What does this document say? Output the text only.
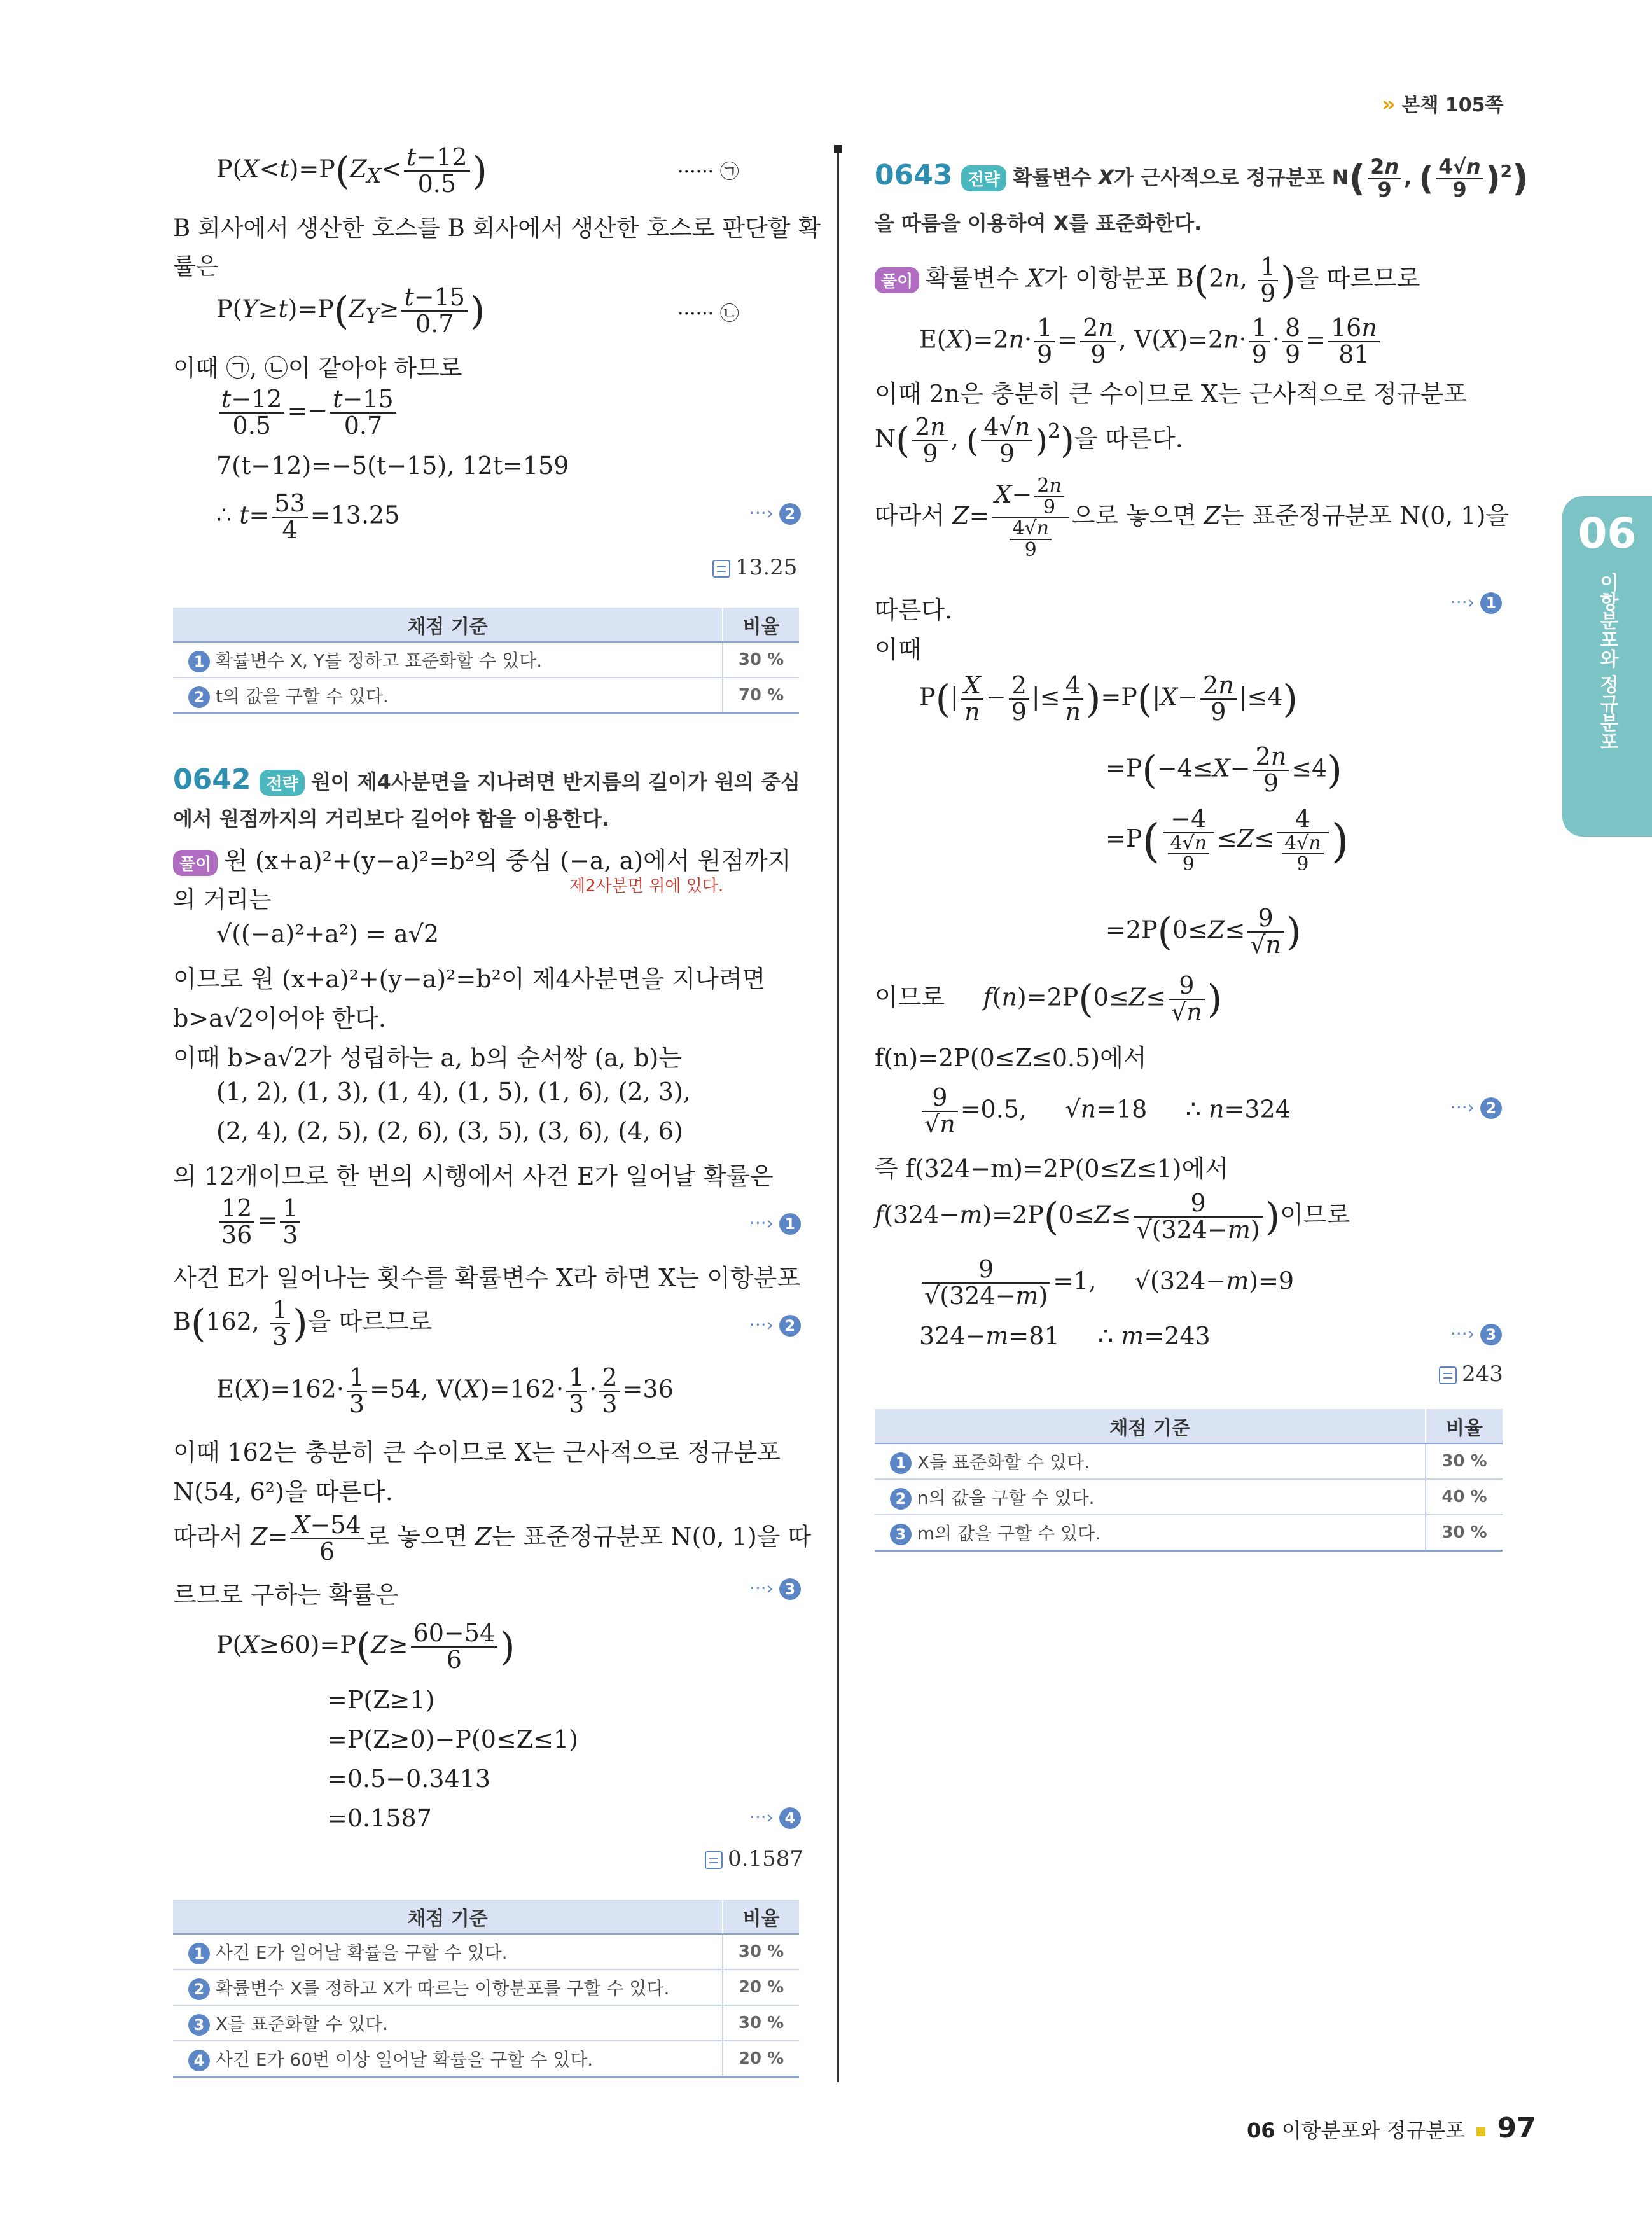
» 본책 105쪽
06
이항분포와 정규분포
$P(X<t)=P(Z_X< \frac{t-12}{0.5}$ )	······ ㉠
B 회사에서 생산한 호스를 B 회사에서 생산한 호스로 판단할 확
률은
$P(Y\ge t)=P(Z_Y\ge \frac{t-15}{0.7}$ )	······ ㉡
이때 ㉠, ㉡이 같아야 하므로
$\frac{t-12}{0.5} =- \frac{t-15}{0.7}$
7(t−12)=−5(t−15), 12t=159
∴ $t= \frac{53}{4} =13.25$	···› 2
13.25
채점 기준	비율
1 확률변수 X, Y를 정하고 표준화할 수 있다.	30 %
2 t의 값을 구할 수 있다.	70 %
0642 전략 원이 제4사분면을 지나려면 반지름의 길이가 원의 중심
에서 원점까지의 거리보다 길어야 함을 이용한다.
풀이 원 (x+a)²+(y−a)²=b²의 중심 (−a, a)에서 원점까지
제2사분면 위에 있다.
의 거리는
√((−a)²+a²) = a√2
이므로 원 (x+a)²+(y−a)²=b²이 제4사분면을 지나려면
b>a√2이어야 한다.
이때 b>a√2가 성립하는 a, b의 순서쌍 (a, b)는
(1, 2), (1, 3), (1, 4), (1, 5), (1, 6), (2, 3),
(2, 4), (2, 5), (2, 6), (3, 5), (3, 6), (4, 6)
의 12개이므로 한 번의 시행에서 사건 E가 일어날 확률은
$\frac{12}{36} = \frac{1}{3}$	···› 1
사건 E가 일어나는 횟수를 확률변수 X라 하면 X는 이항분포
B(162, $\frac{1}{3}$ )을 따르므로	···› 2
$E(X)=162\cdot \frac{1}{3} =54$, $V(X)=162\cdot \frac{1}{3} \cdot \frac{2}{3} =36$
이때 162는 충분히 큰 수이므로 X는 근사적으로 정규분포
N(54, 6²)을 따른다.
따라서 $Z= \frac{X-54}{6}$ 로 놓으면 Z는 표준정규분포 N(0, 1)을 따
르므로 구하는 확률은	···› 3
$P(X\ge 60)=P(Z\ge \frac{60-54}{6}$ )
=P(Z≥1)
=P(Z≥0)−P(0≤Z≤1)
=0.5−0.3413
=0.1587	···› 4
0.1587
채점 기준	비율
1 사건 E가 일어날 확률을 구할 수 있다.	30 %
2 확률변수 X를 정하고 X가 따르는 이항분포를 구할 수 있다.	20 %
3 X를 표준화할 수 있다.	30 %
4 사건 E가 60번 이상 일어날 확률을 구할 수 있다.	20 %
0643 전략 확률변수 X가 근사적으로 정규분포 $N( \frac{2n}{9}$ , ( $\frac{4√n}{9} )^2$)
을 따름을 이용하여 X를 표준화한다.
풀이 확률변수 X가 이항분포 B(2n, $\frac{1}{9}$ )을 따르므로
$E(X)=2n\cdot \frac{1}{9} = \frac{2n}{9}$ , $V(X)=2n\cdot \frac{1}{9} \cdot \frac{8}{9} = \frac{16n}{81}$
이때 2n은 충분히 큰 수이므로 X는 근사적으로 정규분포
$N( \frac{2n}{9}$ , ( $\frac{4√n}{9} )^2$)을 따른다.
따라서 $Z= \frac{X- \frac{2n}{9}}{\frac{4√n}{9}}$ 으로 놓으면 Z는 표준정규분포 N(0, 1)을
따른다.	···› 1
이때
$P(| \frac{X}{n} - \frac{2}{9}$ |≤ $\frac{4}{n} )=P(|X- \frac{2n}{9} |\le 4)$
$=P(-4\le X- \frac{2n}{9} \le 4)$
$=P( \frac{-4}{\frac{4√n}{9}} \le Z\le \frac{4}{\frac{4√n}{9}}$ )
$=2P(0\le Z\le \frac{9}{√n}$ )
이므로     $f(n)=2P(0\le Z\le \frac{9}{√n}$ )
f(n)=2P(0≤Z≤0.5)에서
$\frac{9}{√n} =0.5$,     √n=18     ∴ n=324	···› 2
즉 f(324−m)=2P(0≤Z≤1)에서
$f(324-m)=2P(0\le Z\le \frac{9}{√(324-m)}$ )이므로
$\frac{9}{√(324-m)} =1$,     √(324−m)=9
324−m=81     ∴ m=243	···› 3
243
채점 기준	비율
1 X를 표준화할 수 있다.	30 %
2 n의 값을 구할 수 있다.	40 %
3 m의 값을 구할 수 있다.	30 %
06 이항분포와 정규분포 97
